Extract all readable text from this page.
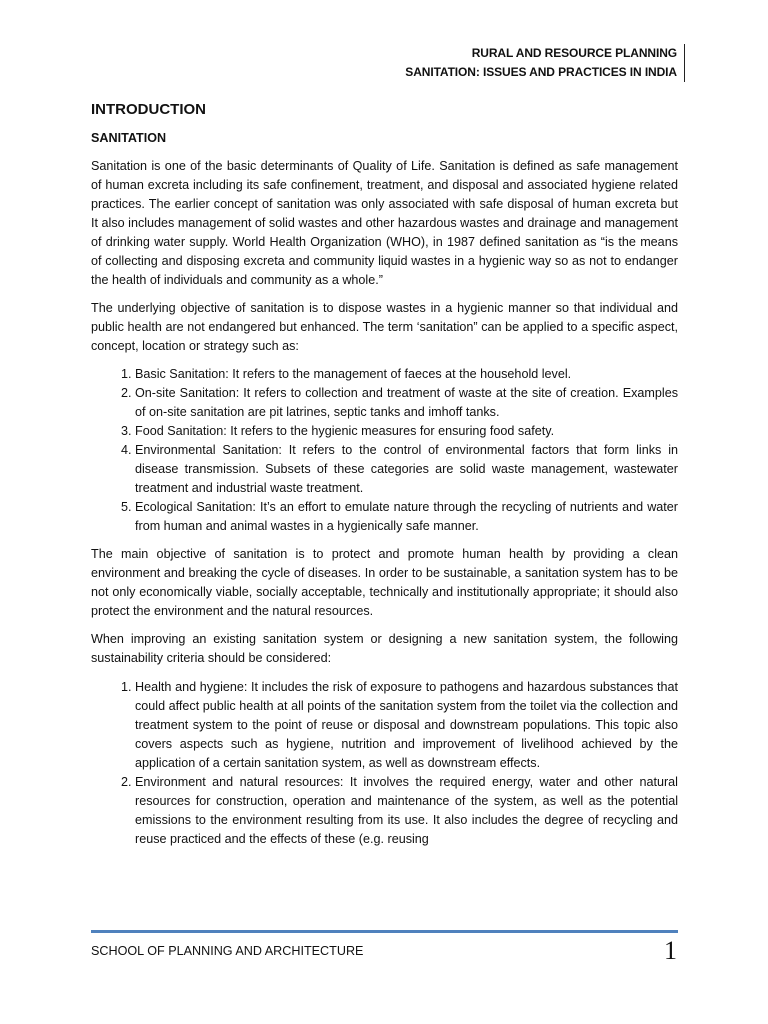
RURAL AND RESOURCE PLANNING
SANITATION: ISSUES AND PRACTICES IN INDIA
INTRODUCTION
SANITATION

Sanitation is one of the basic determinants of Quality of Life. Sanitation is defined as safe management of human excreta including its safe confinement, treatment, and disposal and associated hygiene related practices. The earlier concept of sanitation was only associated with safe disposal of human excreta but It also includes management of solid wastes and other hazardous wastes and drainage and management of drinking water supply. World Health Organization (WHO), in 1987 defined sanitation as “is the means of collecting and disposing excreta and community liquid wastes in a hygienic way so as not to endanger the health of individuals and community as a whole.”

The underlying objective of sanitation is to dispose wastes in a hygienic manner so that individual and public health are not endangered but enhanced. The term ‘sanitation” can be applied to a specific aspect, concept, location or strategy such as:

1. Basic Sanitation: It refers to the management of faeces at the household level.
2. On-site Sanitation: It refers to collection and treatment of waste at the site of creation. Examples of on-site sanitation are pit latrines, septic tanks and imhoff tanks.
3. Food Sanitation: It refers to the hygienic measures for ensuring food safety.
4. Environmental Sanitation: It refers to the control of environmental factors that form links in disease transmission. Subsets of these categories are solid waste management, wastewater treatment and industrial waste treatment.
5. Ecological Sanitation: It’s an effort to emulate nature through the recycling of nutrients and water from human and animal wastes in a hygienically safe manner.

The main objective of sanitation is to protect and promote human health by providing a clean environment and breaking the cycle of diseases. In order to be sustainable, a sanitation system has to be not only economically viable, socially acceptable, technically and institutionally appropriate; it should also protect the environment and the natural resources.

When improving an existing sanitation system or designing a new sanitation system, the following sustainability criteria should be considered:

1. Health and hygiene: It includes the risk of exposure to pathogens and hazardous substances that could affect public health at all points of the sanitation system from the toilet via the collection and treatment system to the point of reuse or disposal and downstream populations. This topic also covers aspects such as hygiene, nutrition and improvement of livelihood achieved by the application of a certain sanitation system, as well as downstream effects.
2. Environment and natural resources: It involves the required energy, water and other natural resources for construction, operation and maintenance of the system, as well as the potential emissions to the environment resulting from its use. It also includes the degree of recycling and reuse practiced and the effects of these (e.g. reusing
SCHOOL OF PLANNING AND ARCHITECTURE	1
